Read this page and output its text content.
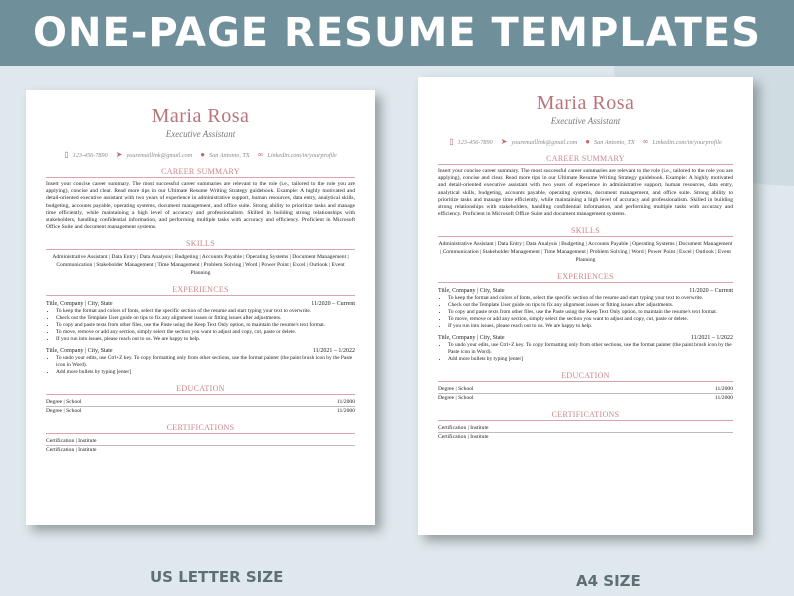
ONE-PAGE RESUME TEMPLATES
Maria Rosa
Executive Assistant
▯ 123-456-7890 ➤ youremaillink@gmail.com ● San Antonio, TX ∞ Linkedin.com/in/yourprofile
CAREER SUMMARY
Insert your concise career summary. The most successful career summaries are relevant to the role (i.e., tailored to the role you are applying), concise and clear. Read more tips in our Ultimate Resume Writing Strategy guidebook. Example: A highly motivated and detail-oriented executive assistant with two years of experience in administrative support, human resources, data entry, analytical skills, budgeting, accounts payable, operating systems, document management, and office suite. Strong ability to prioritize tasks and manage time efficiently, while maintaining a high level of accuracy and professionalism. Skilled in building strong relationships with stakeholders, handling confidential information, and performing multiple tasks with accuracy and efficiency. Proficient in Microsoft Office Suite and document management systems.
SKILLS
Administrative Assistant | Data Entry | Data Analysis | Budgeting | Accounts Payable | Operating Systems | Document Management | Communication | Stakeholder Management | Time Management | Problem Solving | Word | Power Point | Excel | Outlook | Event Planning
EXPERIENCES
Title, Company | City, State	11/2020 – Current
• To keep the format and colors of fonts, select the specific section of the resume and start typing your text to overwrite.
• Check out the Template User guide on tips to fix any alignment issues or fitting issues after adjustments.
• To copy and paste texts from other files, use the Paste using the Keep Text Only option, to maintain the resume's text format.
• To move, remove or add any section, simply select the section you want to adjust and copy, cut, paste or delete.
• If you run into issues, please reach out to us. We are happy to help.
Title, Company | City, State	11/2021 – 1/2022
• To undo your edits, use Ctrl+Z key. To copy formatting only from other sections, use the format painter (the paint brush icon by the Paste icon in Word).
• Add more bullets by typing [enter]
EDUCATION
Degree | School	11/2000
Degree | School	11/2000
CERTIFICATIONS
Certification | Institute
Certification | Institute
Maria Rosa
Executive Assistant
▯ 123-456-7890 ➤ youremaillink@gmail.com ● San Antonio, TX ∞ Linkedin.com/in/yourprofile
CAREER SUMMARY
Insert your concise career summary. The most successful career summaries are relevant to the role (i.e., tailored to the role you are applying), concise and clear. Read more tips in our Ultimate Resume Writing Strategy guidebook. Example: A highly motivated and detail-oriented executive assistant with two years of experience in administrative support, human resources, data entry, analytical skills, budgeting, accounts payable, operating systems, document management, and office suite. Strong ability to prioritize tasks and manage time efficiently, while maintaining a high level of accuracy and professionalism. Skilled in building strong relationships with stakeholders, handling confidential information, and performing multiple tasks with accuracy and efficiency. Proficient in Microsoft Office Suite and document management systems.
SKILLS
Administrative Assistant | Data Entry | Data Analysis | Budgeting | Accounts Payable | Operating Systems | Document Management | Communication | Stakeholder Management | Time Management | Problem Solving | Word | Power Point | Excel | Outlook | Event Planning
EXPERIENCES
Title, Company | City, State	11/2020 – Current
• To keep the format and colors of fonts, select the specific section of the resume and start typing your text to overwrite.
• Check out the Template User guide on tips to fix any alignment issues or fitting issues after adjustments.
• To copy and paste texts from other files, use the Paste using the Keep Text Only option, to maintain the resume's text format.
• To move, remove or add any section, simply select the section you want to adjust and copy, cut, paste or delete.
• If you run into issues, please reach out to us. We are happy to help.
Title, Company | City, State	11/2021 – 1/2022
• To undo your edits, use Ctrl+Z key. To copy formatting only from other sections, use the format painter (the paint brush icon by the Paste icon in Word).
• Add more bullets by typing [enter]
EDUCATION
Degree | School	11/2000
Degree | School	11/2000
CERTIFICATIONS
Certification | Institute
Certification | Institute
US LETTER SIZE	A4 SIZE
